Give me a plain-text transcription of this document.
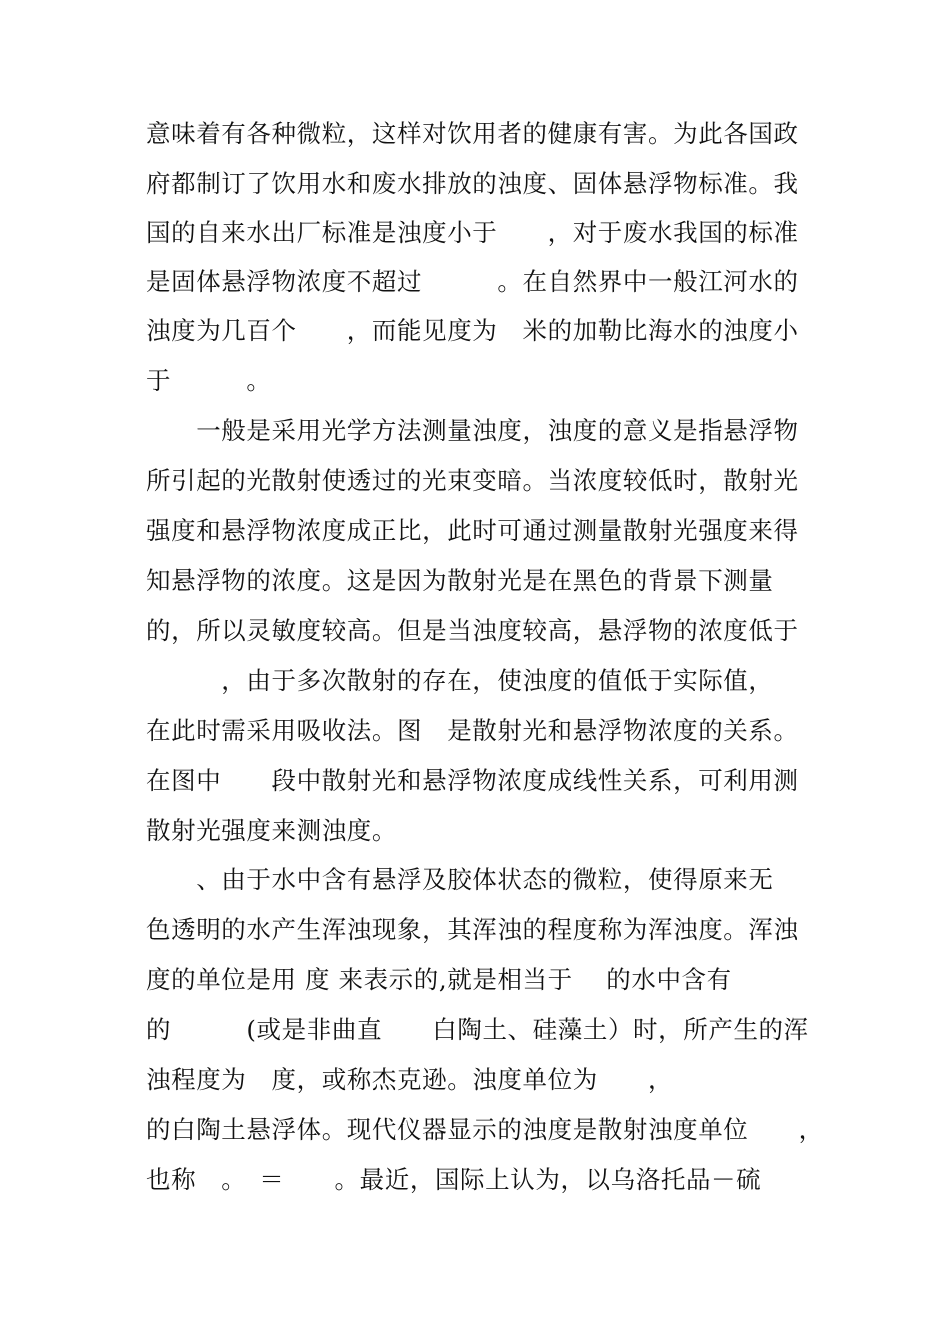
意味着有各种微粒，这样对饮用者的健康有害。为此各国政
府都制订了饮用水和废水排放的浊度、固体悬浮物标准。我
国的自来水出厂标准是浊度小于　　，对于废水我国的标准
是固体悬浮物浓度不超过　　　。在自然界中一般江河水的
浊度为几百个　　，而能见度为　米的加勒比海水的浊度小
于　　　。
　　一般是采用光学方法测量浊度，浊度的意义是指悬浮物
所引起的光散射使透过的光束变暗。当浓度较低时，散射光
强度和悬浮物浓度成正比，此时可通过测量散射光强度来得
知悬浮物的浓度。这是因为散射光是在黑色的背景下测量
的，所以灵敏度较高。但是当浊度较高，悬浮物的浓度低于
　　　，由于多次散射的存在，使浊度的值低于实际值，
在此时需采用吸收法。图　是散射光和悬浮物浓度的关系。
在图中　　段中散射光和悬浮物浓度成线性关系，可利用测
散射光强度来测浊度。
　　、由于水中含有悬浮及胶体状态的微粒，使得原来无
色透明的水产生浑浊现象，其浑浊的程度称为浑浊度。浑浊
度的单位是用 度 来表示的,就是相当于　 的水中含有
的　　　(或是非曲直　　白陶土、硅藻土）时，所产生的浑
浊程度为　度，或称杰克逊。浊度单位为　　，
的白陶土悬浮体。现代仪器显示的浊度是散射浊度单位　　，
也称　。　＝　　。最近，国际上认为，以乌洛托品－硫
